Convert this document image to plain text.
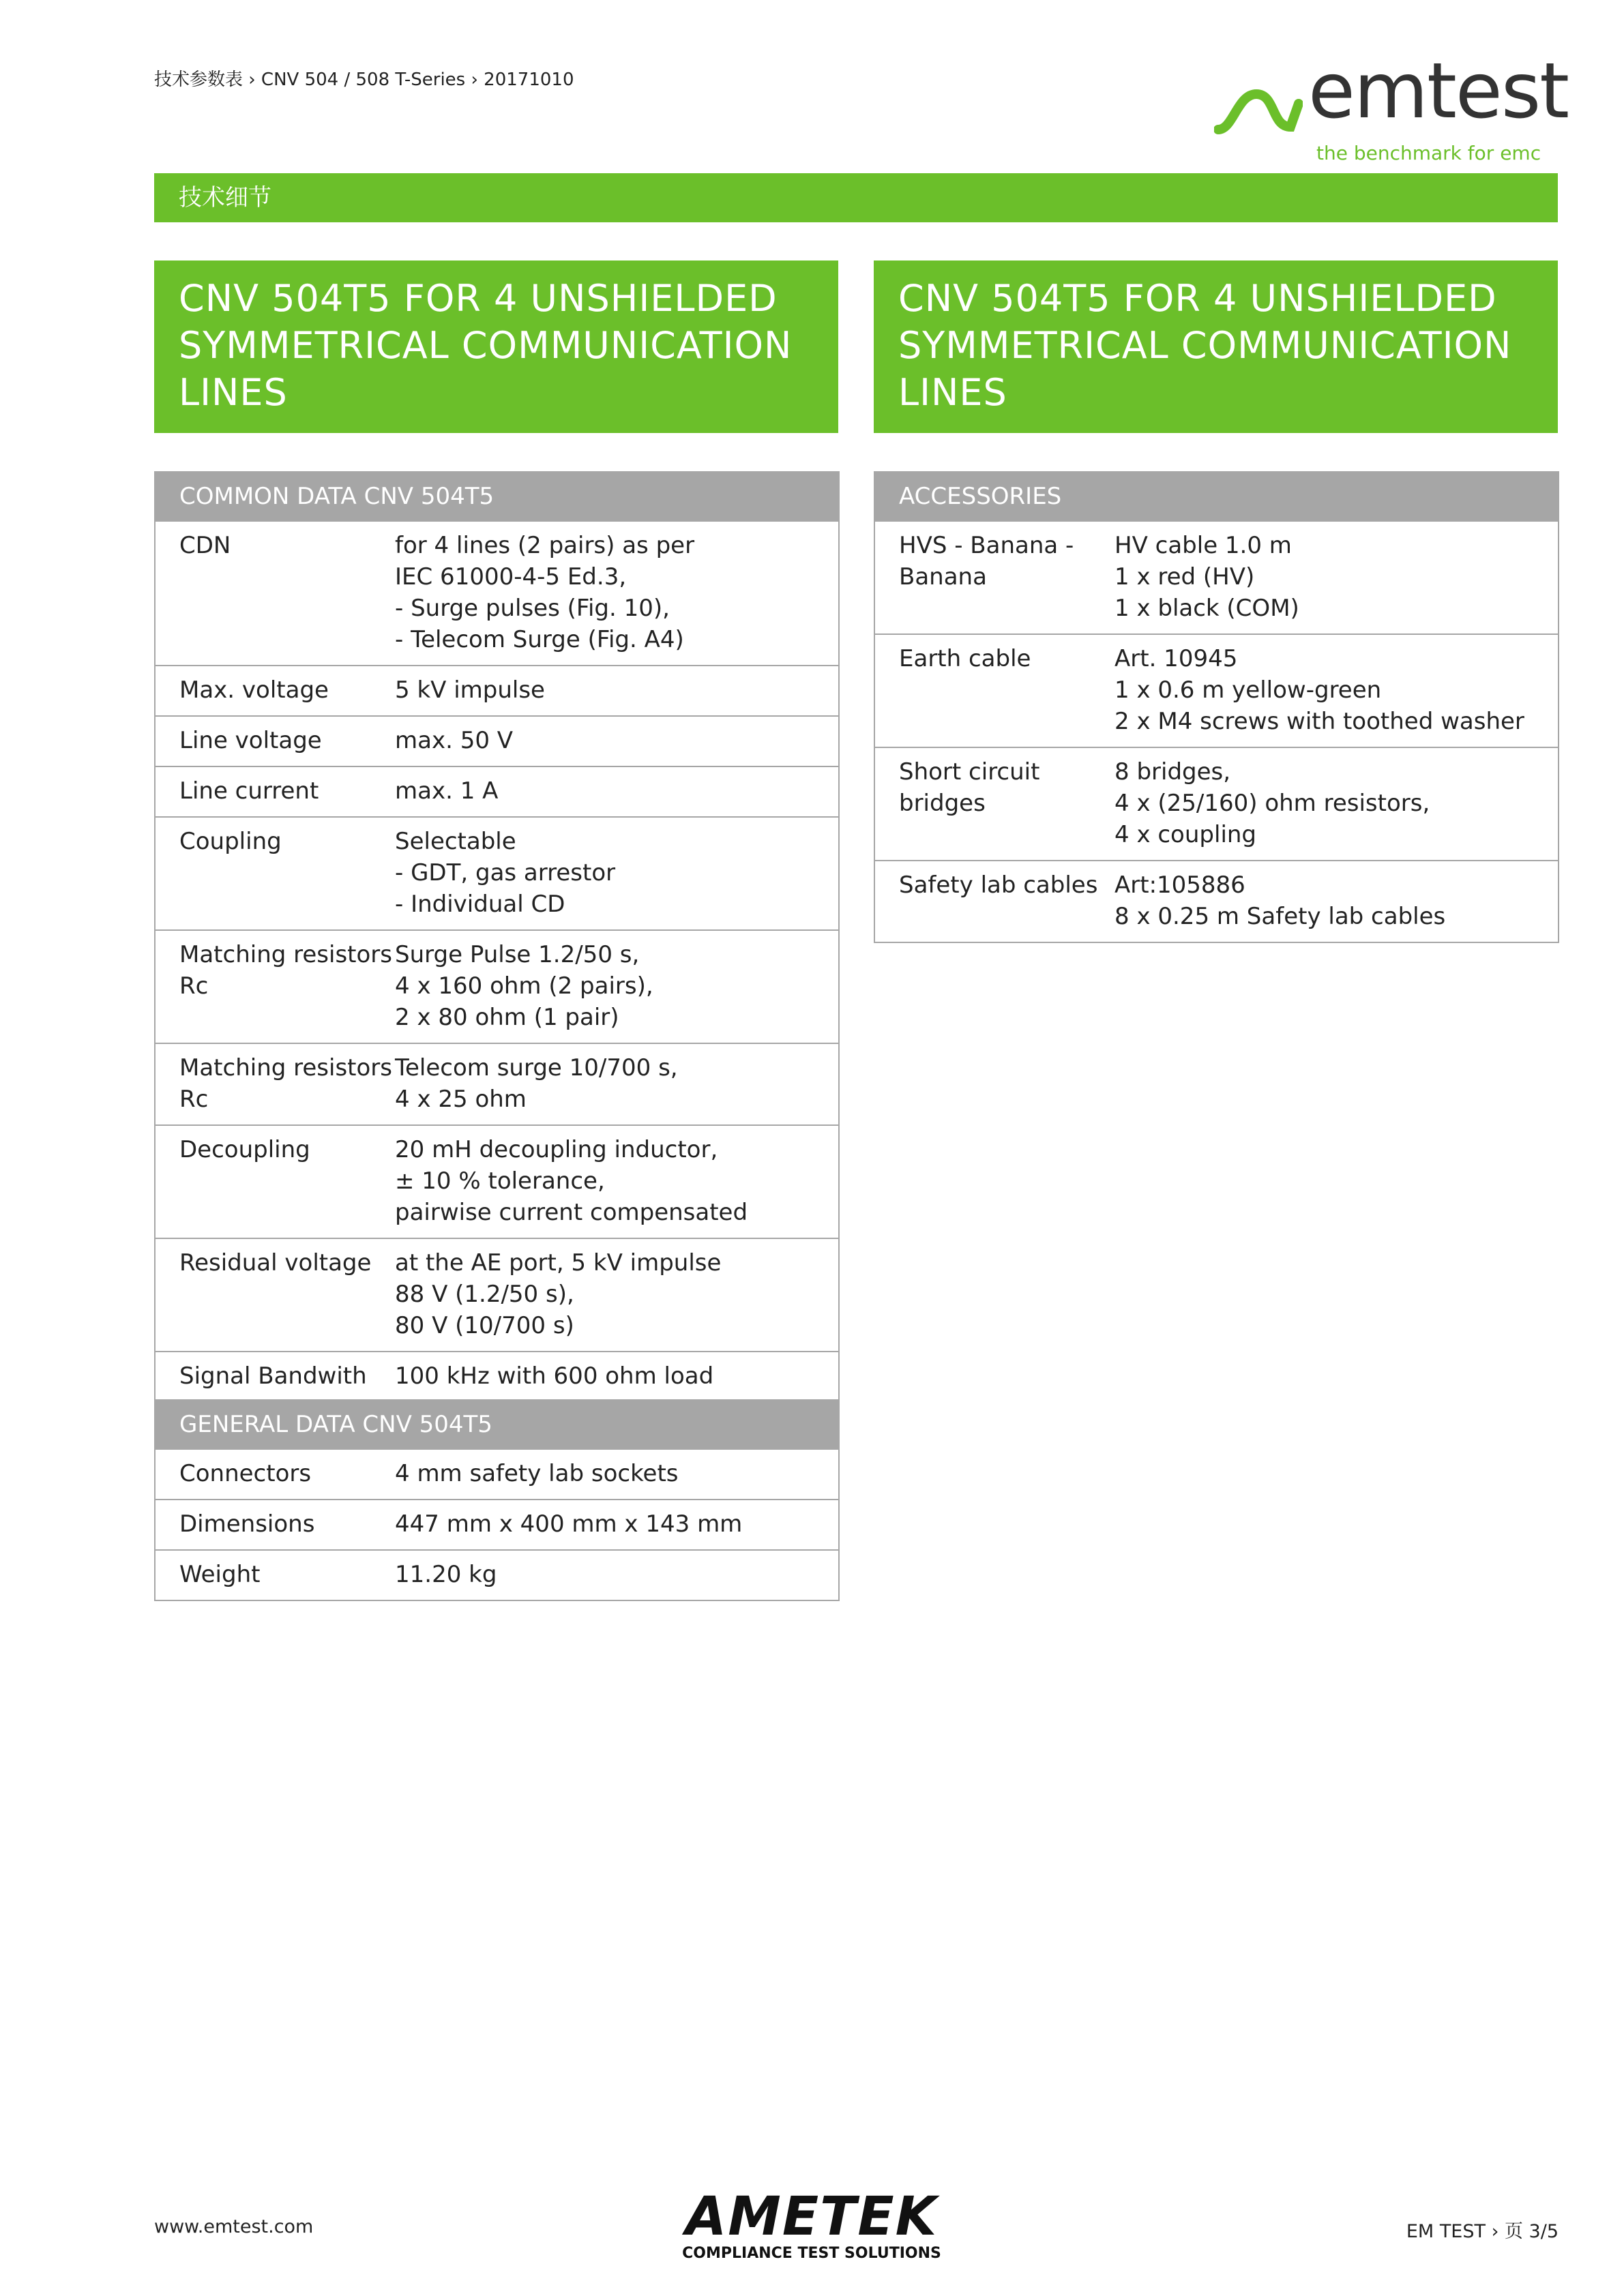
技术参数表 › CNV 504 / 508 T-Series › 20171010	emtest
the benchmark for emc
技术细节
CNV 504T5 FOR 4 UNSHIELDED
SYMMETRICAL COMMUNICATION
LINES
CNV 504T5 FOR 4 UNSHIELDED
SYMMETRICAL COMMUNICATION
LINES
COMMON DATA CNV 504T5	

CDN	for 4 lines (2 pairs) as per
IEC 61000-4-5 Ed.3,
- Surge pulses (Fig. 10),
- Telecom Surge (Fig. A4)

Max. voltage	5 kV impulse

Line voltage	max. 50 V

Line current	max. 1 A

Coupling	Selectable
- GDT, gas arrestor
- Individual CD

Matching resistors
Rc	Surge Pulse 1.2/50 s,
4 x 160 ohm (2 pairs),
2 x 80 ohm (1 pair)

Matching resistors
Rc	Telecom surge 10/700 s,
4 x 25 ohm

Decoupling	20 mH decoupling inductor,
± 10 % tolerance,
pairwise current compensated

Residual voltage	at the AE port, 5 kV impulse
88 V (1.2/50 s),
80 V (10/700 s)

Signal Bandwith	100 kHz with 600 ohm load
GENERAL DATA CNV 504T5	

Connectors	4 mm safety lab sockets

Dimensions	447 mm x 400 mm x 143 mm

Weight	11.20 kg
ACCESSORIES	

HVS - Banana -
Banana	HV cable 1.0 m
1 x red (HV)
1 x black (COM)

Earth cable	Art. 10945
1 x 0.6 m yellow-green
2 x M4 screws with toothed washer

Short circuit
bridges	8 bridges,
4 x (25/160) ohm resistors,
4 x coupling

Safety lab cables	Art:105886
8 x 0.25 m Safety lab cables
www.emtest.com	AMETEK
COMPLIANCE TEST SOLUTIONS
EM TEST › 页 3/5
